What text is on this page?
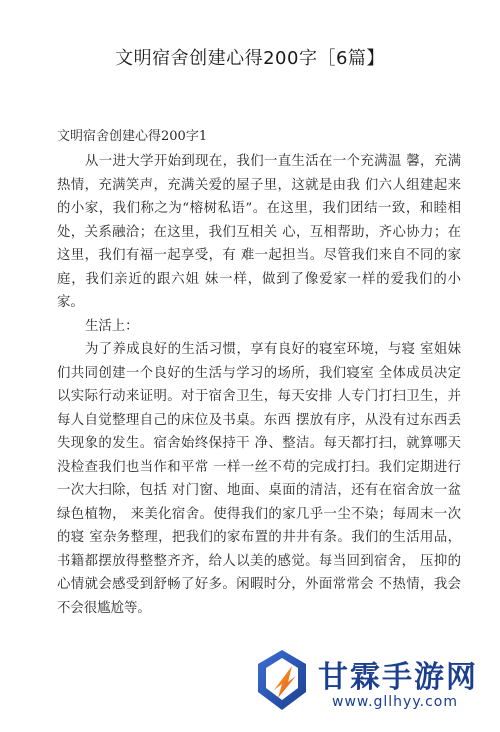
文明宿舍创建心得200字［6篇】
文明宿舍创建心得200字1

从一进大学开始到现在，我们一直生活在一个充满温 馨，充满热情，充满笑声，充满关爱的屋子里，这就是由我 们六人组建起来的小家，我们称之为“榕树私语”。在这里，我们团结一致，和睦相处，关系融洽；在这里，我们互相关 心，互相帮助，齐心协力；在这里，我们有福一起享受，有 难一起担当。尽管我们来自不同的家庭，我们亲近的跟六姐 妹一样，做到了像爱家一样的爱我们的小家。

生活上：

为了养成良好的生活习惯，享有良好的寝室环境，与寝 室姐妹们共同创建一个良好的生活与学习的场所，我们寝室 全体成员决定以实际行动来证明。对于宿舍卫生，每天安排 人专门打扫卫生，并每人自觉整理自己的床位及书桌。东西 摆放有序，从没有过东西丢失现象的发生。宿舍始终保持干 净、整洁。每天都打扫，就算哪天没检查我们也当作和平常 一样一丝不苟的完成打扫。我们定期进行一次大扫除，包括 对门窗、地面、桌面的清洁，还有在宿舍放一盆绿色植物， 来美化宿舍。使得我们的家几乎一尘不染；每周末一次的寝 室杂务整理，把我们的家布置的井井有条。我们的生活用品，书籍都摆放得整整齐齐，给人以美的感觉。每当回到宿舍， 压抑的心情就会感受到舒畅了好多。闲暇时分，外面常常会 不热情，我会不会很尴尬等。

甘霖手游网
www.gllhyy.com
